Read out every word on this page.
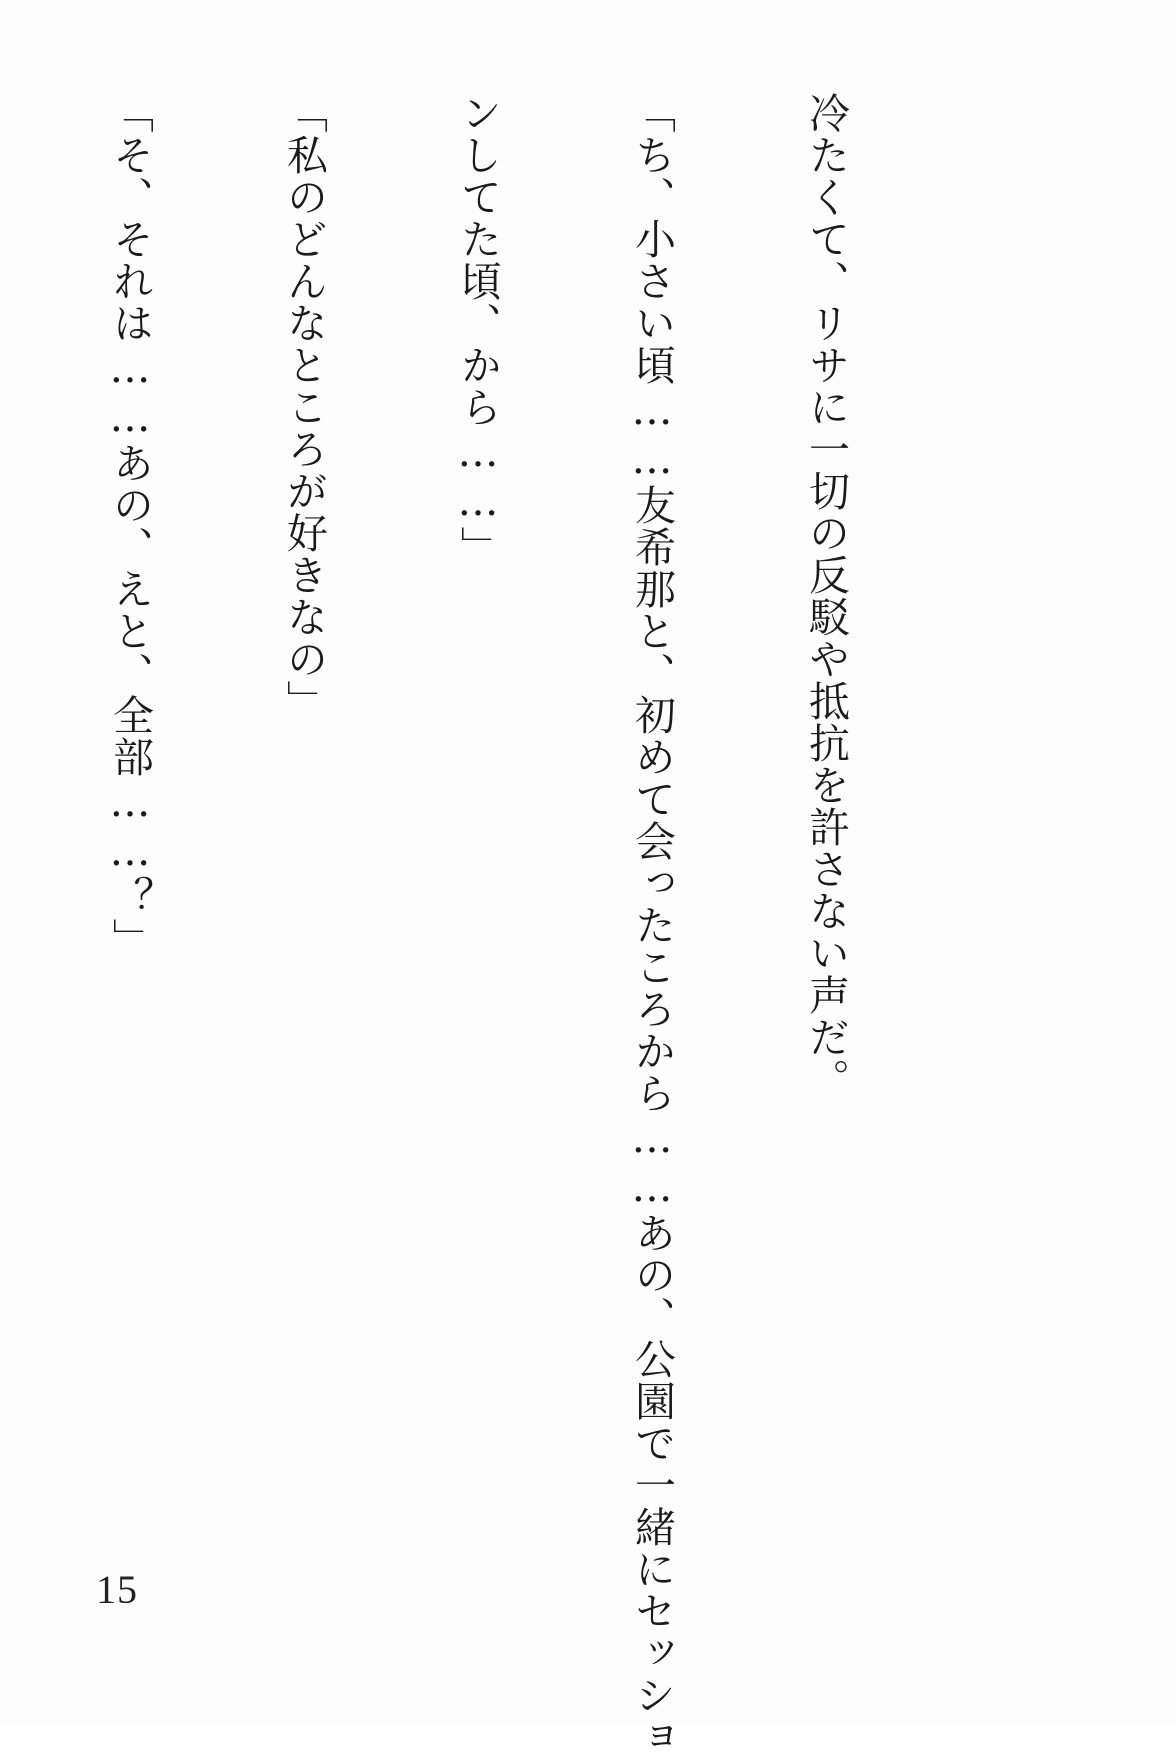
冷たくて、リサに一切の反駁や抵抗を許さない声だ。

「ち、小さい頃……友希那と、初めて会ったころから……あの、公園で一緒にセッショ

ンしてた頃、から……」

「私のどんなところが好きなの」

「そ、それは……あの、えと、全部……？」

15
